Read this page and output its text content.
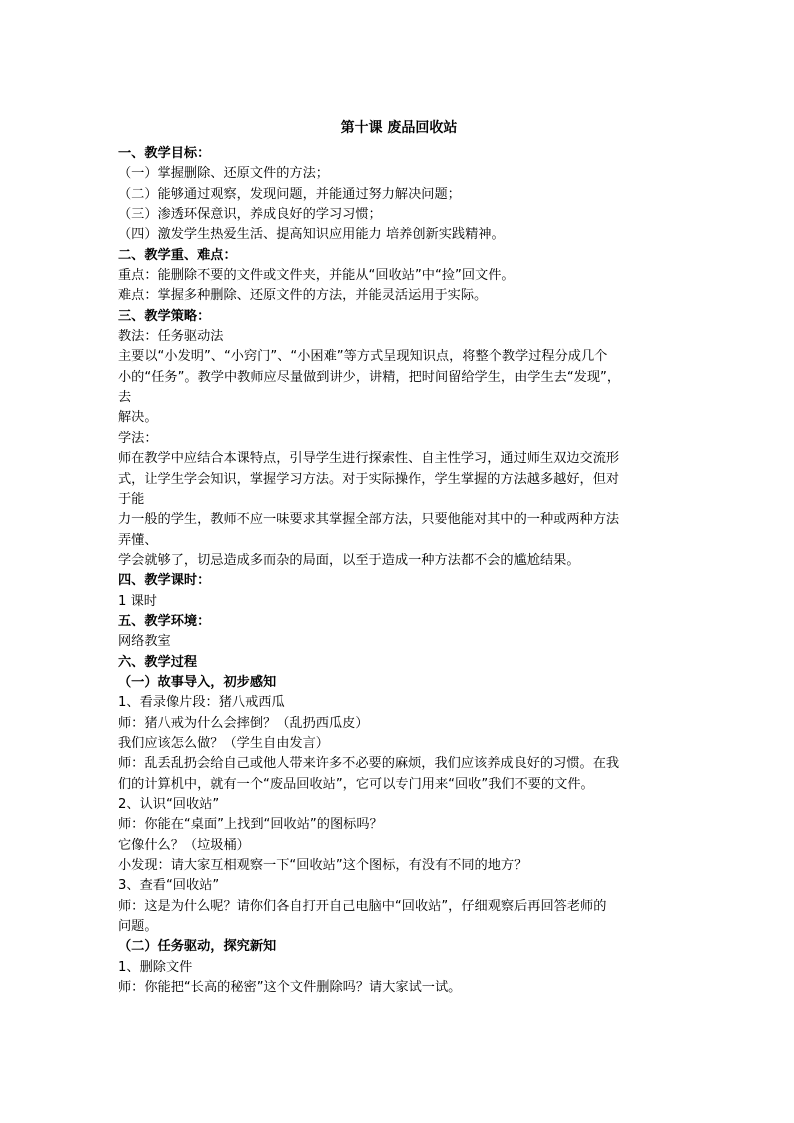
第十课 废品回收站
一、教学目标：
（一）掌握删除、还原文件的方法；
（二）能够通过观察，发现问题，并能通过努力解决问题；
（三）渗透环保意识，养成良好的学习习惯；
（四）激发学生热爱生活、提高知识应用能力 培养创新实践精神。
二、教学重、难点：
重点：能删除不要的文件或文件夹，并能从“回收站”中“捡”回文件。
难点：掌握多种删除、还原文件的方法，并能灵活运用于实际。
三、教学策略：
教法：任务驱动法
主要以“小发明”、“小窍门”、“小困难”等方式呈现知识点，将整个教学过程分成几个
小的“任务”。教学中教师应尽量做到讲少，讲精，把时间留给学生，由学生去“发现”，
去
解决。
学法：
师在教学中应结合本课特点，引导学生进行探索性、自主性学习，通过师生双边交流形
式，让学生学会知识，掌握学习方法。对于实际操作，学生掌握的方法越多越好，但对
于能
力一般的学生，教师不应一味要求其掌握全部方法，只要他能对其中的一种或两种方法
弄懂、
学会就够了，切忌造成多而杂的局面，以至于造成一种方法都不会的尴尬结果。
四、教学课时：
1 课时
五、教学环境：
网络教室
六、教学过程
（一）故事导入，初步感知
1、看录像片段：猪八戒西瓜
师：猪八戒为什么会摔倒？（乱扔西瓜皮）
我们应该怎么做？（学生自由发言）
师：乱丢乱扔会给自己或他人带来许多不必要的麻烦，我们应该养成良好的习惯。在我
们的计算机中，就有一个“废品回收站”，它可以专门用来“回收”我们不要的文件。
2、认识“回收站”
师：你能在“桌面”上找到“回收站”的图标吗？
它像什么？（垃圾桶）
小发现：请大家互相观察一下“回收站”这个图标，有没有不同的地方？
3、查看“回收站”
师：这是为什么呢？请你们各自打开自己电脑中“回收站”，仔细观察后再回答老师的
问题。
（二）任务驱动，探究新知
1、删除文件
师：你能把“长高的秘密”这个文件删除吗？请大家试一试。
